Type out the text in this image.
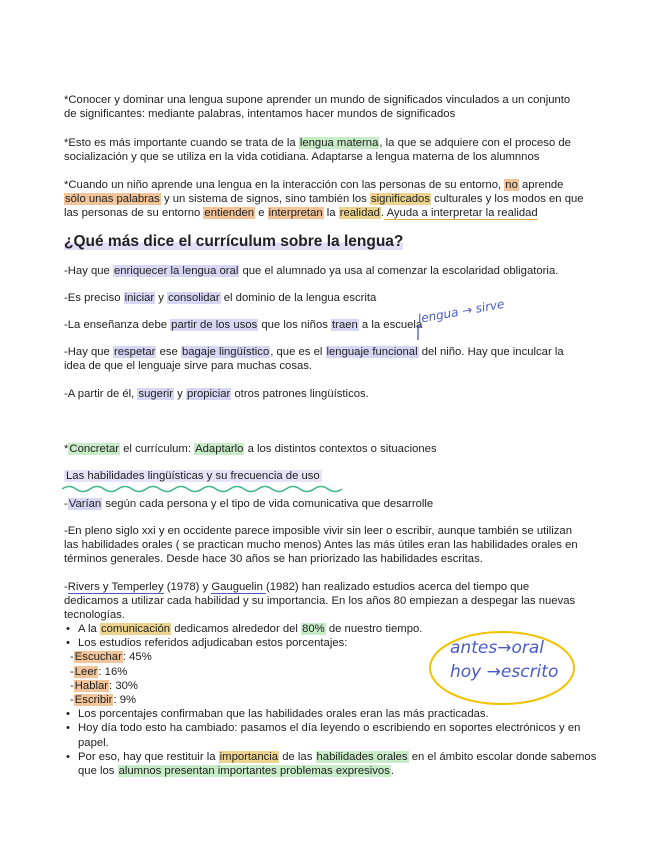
*Conocer y dominar una lengua supone aprender un mundo de significados vinculados a un conjunto de significantes: mediante palabras, intentamos hacer mundos de significados
*Esto es más importante cuando se trata de la lengua materna, la que se adquiere con el proceso de socialización y que se utiliza en la vida cotidiana. Adaptarse a lengua materna de los alumnnos
*Cuando un niño aprende una lengua en la interacción con las personas de su entorno, no aprende sólo unas palabras y un sistema de signos, sino también los significados culturales y los modos en que las personas de su entorno entienden e interpretan la realidad. Ayuda a interpretar la realidad
¿Qué más dice el currículum sobre la lengua?
-Hay que enriquecer la lengua oral que el alumnado ya usa al comenzar la escolaridad obligatoria.
-Es preciso iniciar y consolidar el dominio de la lengua escrita
-La enseñanza debe partir de los usos que los niños traen a la escuela
lengua → sirve
-Hay que respetar ese bagaje lingüístico, que es el lenguaje funcional del niño. Hay que inculcar la idea de que el lenguaje sirve para muchas cosas.
-A partir de él, sugerir y propiciar otros patrones lingüísticos.
*Concretar el currículum: Adaptarlo a los distintos contextos o situaciones
Las habilidades lingüísticas y su frecuencia de uso
-Varían según cada persona y el tipo de vida comunicativa que desarrolle
-En pleno siglo xxi y en occidente parece imposible vivir sin leer o escribir, aunque también se utilizan las habilidades orales ( se practican mucho menos) Antes las más útiles eran las habilidades orales en términos generales. Desde hace 30 años se han priorizado las habilidades escritas.
-Rivers y Temperley (1978) y Gauguelin (1982) han realizado estudios acerca del tiempo que dedicamos a utilizar cada habilidad y su importancia. En los años 80 empiezan a despegar las nuevas tecnologías.
• A la comunicación dedicamos alrededor del 80% de nuestro tiempo.
• Los estudios referidos adjudicaban estos porcentajes:
-Escuchar: 45%
-Leer: 16%
-Hablar: 30%
-Escribir: 9%
• Los porcentajes confirmaban que las habilidades orales eran las más practicadas.
• Hoy día todo esto ha cambiado: pasamos el día leyendo o escribiendo en soportes electrónicos y en papel.
• Por eso, hay que restituir la importancia de las habilidades orales en el ámbito escolar donde sabemos que los alumnos presentan importantes problemas expresivos.
antes→oral
hoy →escrito
